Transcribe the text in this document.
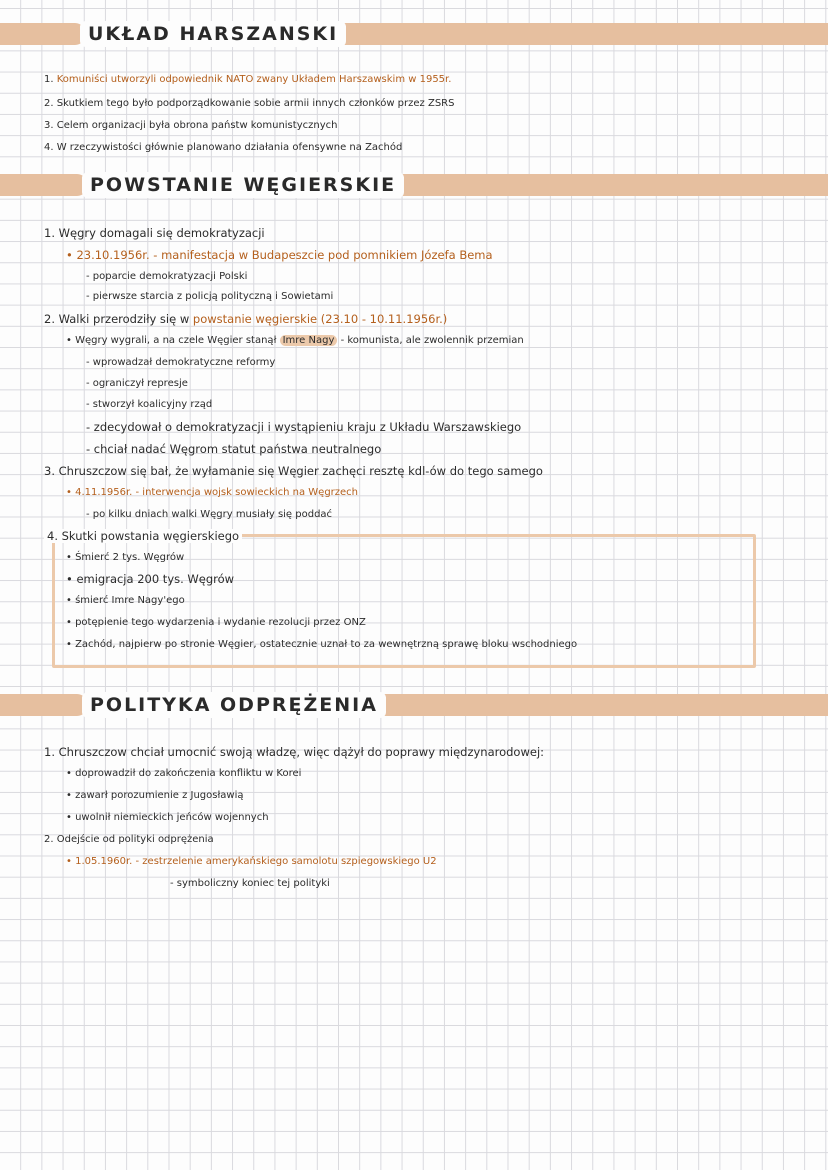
UKŁAD HARSZANSKI
1. Komuniści utworzyli odpowiednik NATO zwany Układem Harszawskim w 1955r.
2. Skutkiem tego było podporządkowanie sobie armii innych członków przez ZSRS
3. Celem organizacji była obrona państw komunistycznych
4. W rzeczywistości głównie planowano działania ofensywne na Zachód
POWSTANIE WĘGIERSKIE
1. Węgry domagali się demokratyzacji
• 23.10.1956r. - manifestacja w Budapeszcie pod pomnikiem Józefa Bema
- poparcie demokratyzacji Polski
- pierwsze starcia z policją polityczną i Sowietami
2. Walki przerodziły się w powstanie węgierskie (23.10 - 10.11.1956r.)
• Węgry wygrali, a na czele Węgier stanął Imre Nagy - komunista, ale zwolennik przemian
- wprowadzał demokratyczne reformy
- ograniczył represje
- stworzył koalicyjny rząd
- zdecydował o demokratyzacji i wystąpieniu kraju z Układu Warszawskiego
- chciał nadać Węgrom statut państwa neutralnego
3. Chruszczow się bał, że wyłamanie się Węgier zachęci resztę kdl-ów do tego samego
• 4.11.1956r. - interwencja wojsk sowieckich na Węgrzech
- po kilku dniach walki Węgry musiały się poddać
4. Skutki powstania węgierskiego
• Śmierć 2 tys. Węgrów
• emigracja 200 tys. Węgrów
• śmierć Imre Nagy'ego
• potępienie tego wydarzenia i wydanie rezolucji przez ONZ
• Zachód, najpierw po stronie Węgier, ostatecznie uznał to za wewnętrzną sprawę bloku wschodniego
POLITYKA ODPRĘŻENIA
1. Chruszczow chciał umocnić swoją władzę, więc dążył do poprawy międzynarodowej:
• doprowadził do zakończenia konfliktu w Korei
• zawarł porozumienie z Jugosławią
• uwolnił niemieckich jeńców wojennych
2. Odejście od polityki odprężenia
• 1.05.1960r. - zestrzelenie amerykańskiego samolotu szpiegowskiego U2
- symboliczny koniec tej polityki
